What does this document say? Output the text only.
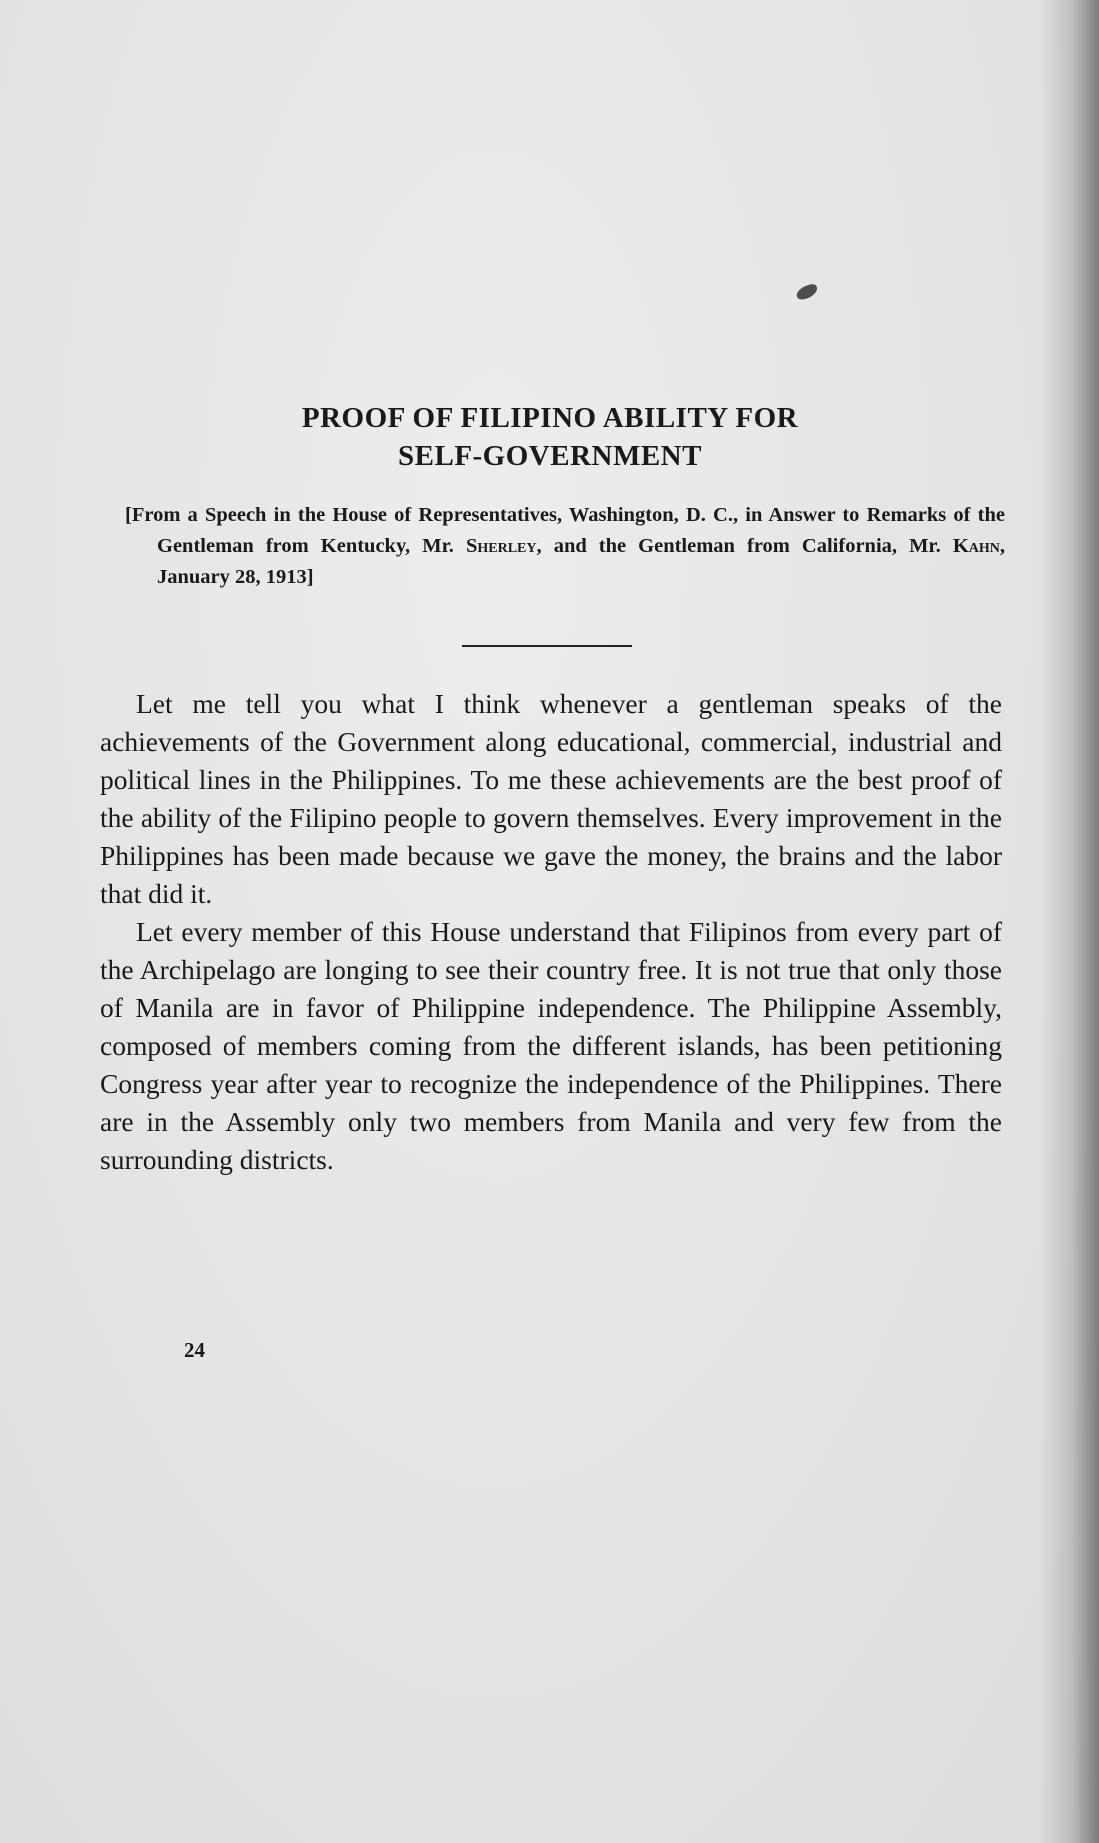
PROOF OF FILIPINO ABILITY FOR
SELF-GOVERNMENT

[From a Speech in the House of Representatives, Washington, D. C., in Answer to Remarks of the Gentleman from Kentucky, Mr. Sherley, and the Gentleman from California, Mr. Kahn, January 28, 1913]

Let me tell you what I think whenever a gentleman speaks of the achievements of the Government along educational, commercial, industrial and political lines in the Philippines. To me these achievements are the best proof of the ability of the Filipino people to govern themselves. Every improvement in the Philippines has been made because we gave the money, the brains and the labor that did it.

Let every member of this House understand that Filipinos from every part of the Archipelago are longing to see their country free. It is not true that only those of Manila are in favor of Philippine independence. The Philippine Assembly, composed of members coming from the different islands, has been petitioning Congress year after year to recognize the independence of the Philippines. There are in the Assembly only two members from Manila and very few from the surrounding districts.

24
